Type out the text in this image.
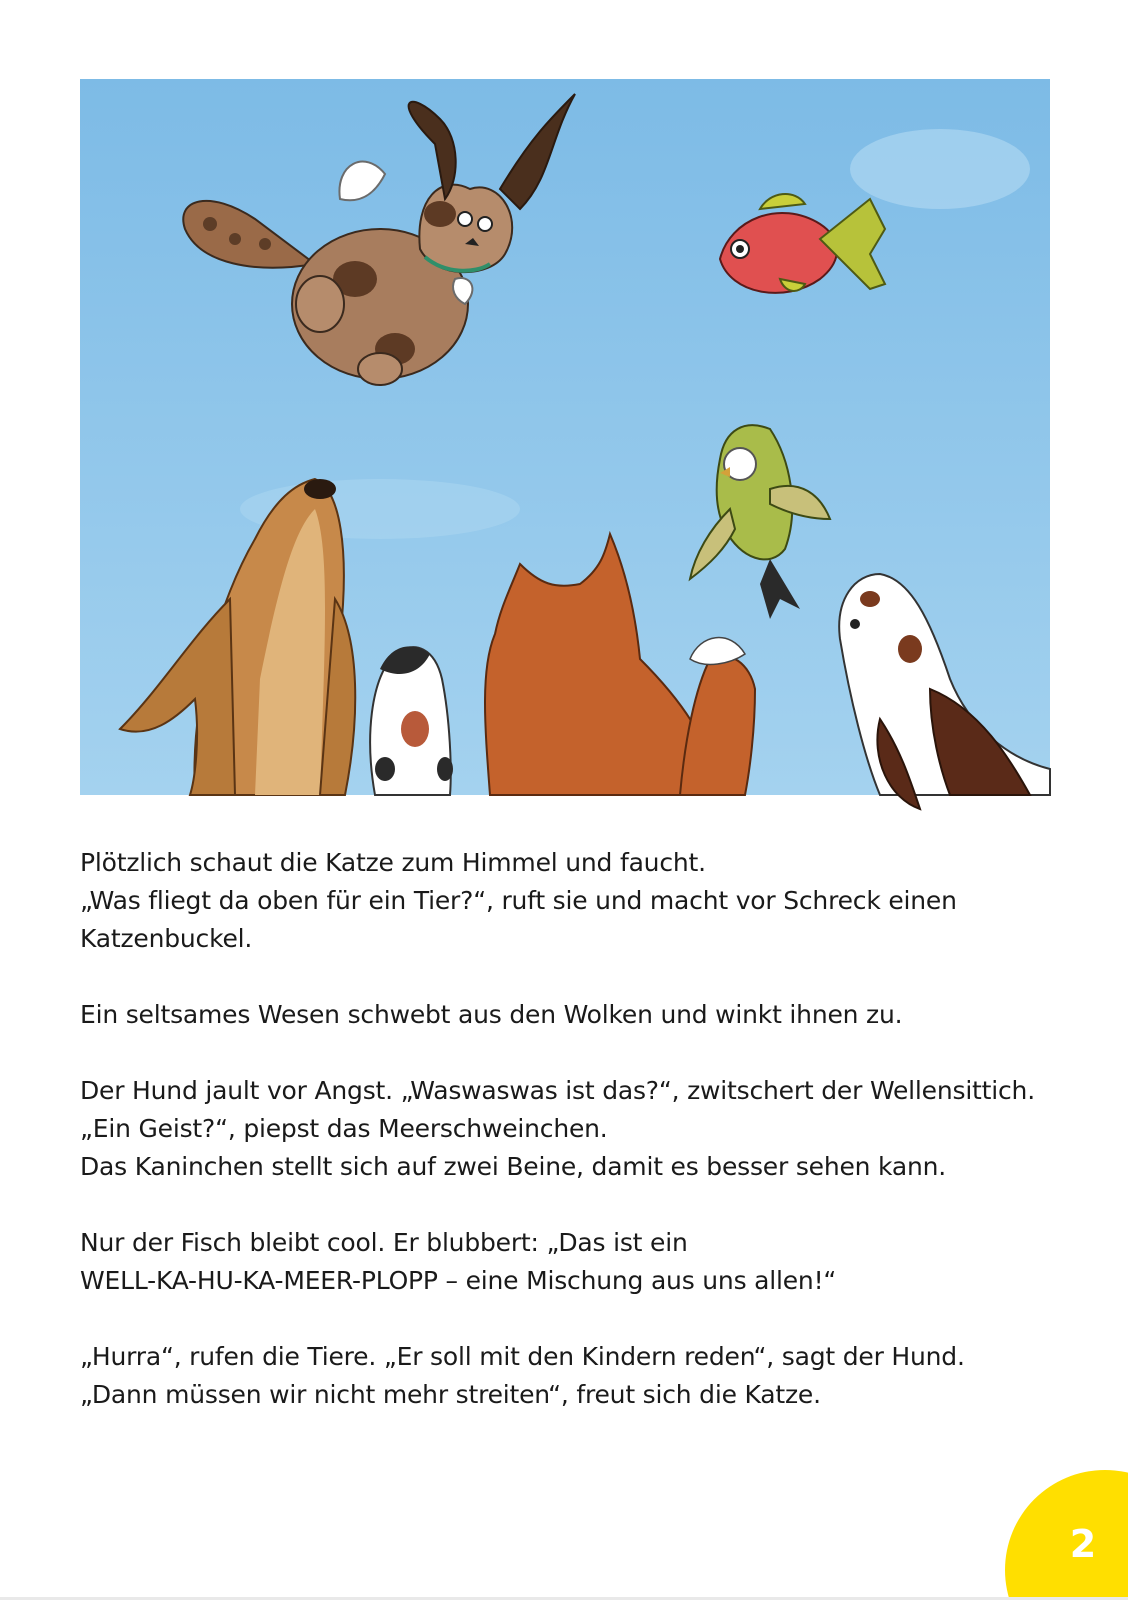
Plötzlich schaut die Katze zum Himmel und faucht.
„Was fliegt da oben für ein Tier?“, ruft sie und macht vor Schreck einen
Katzenbuckel.
Ein seltsames Wesen schwebt aus den Wolken und winkt ihnen zu.
Der Hund jault vor Angst. „Waswaswas ist das?“, zwitschert der Wellensittich.
„Ein Geist?“, piepst das Meerschweinchen.
Das Kaninchen stellt sich auf zwei Beine, damit es besser sehen kann.
Nur der Fisch bleibt cool. Er blubbert: „Das ist ein
WELL-KA-HU-KA-MEER-PLOPP – eine Mischung aus uns allen!“
„Hurra“, rufen die Tiere. „Er soll mit den Kindern reden“, sagt der Hund.
„Dann müssen wir nicht mehr streiten“, freut sich die Katze.
2
